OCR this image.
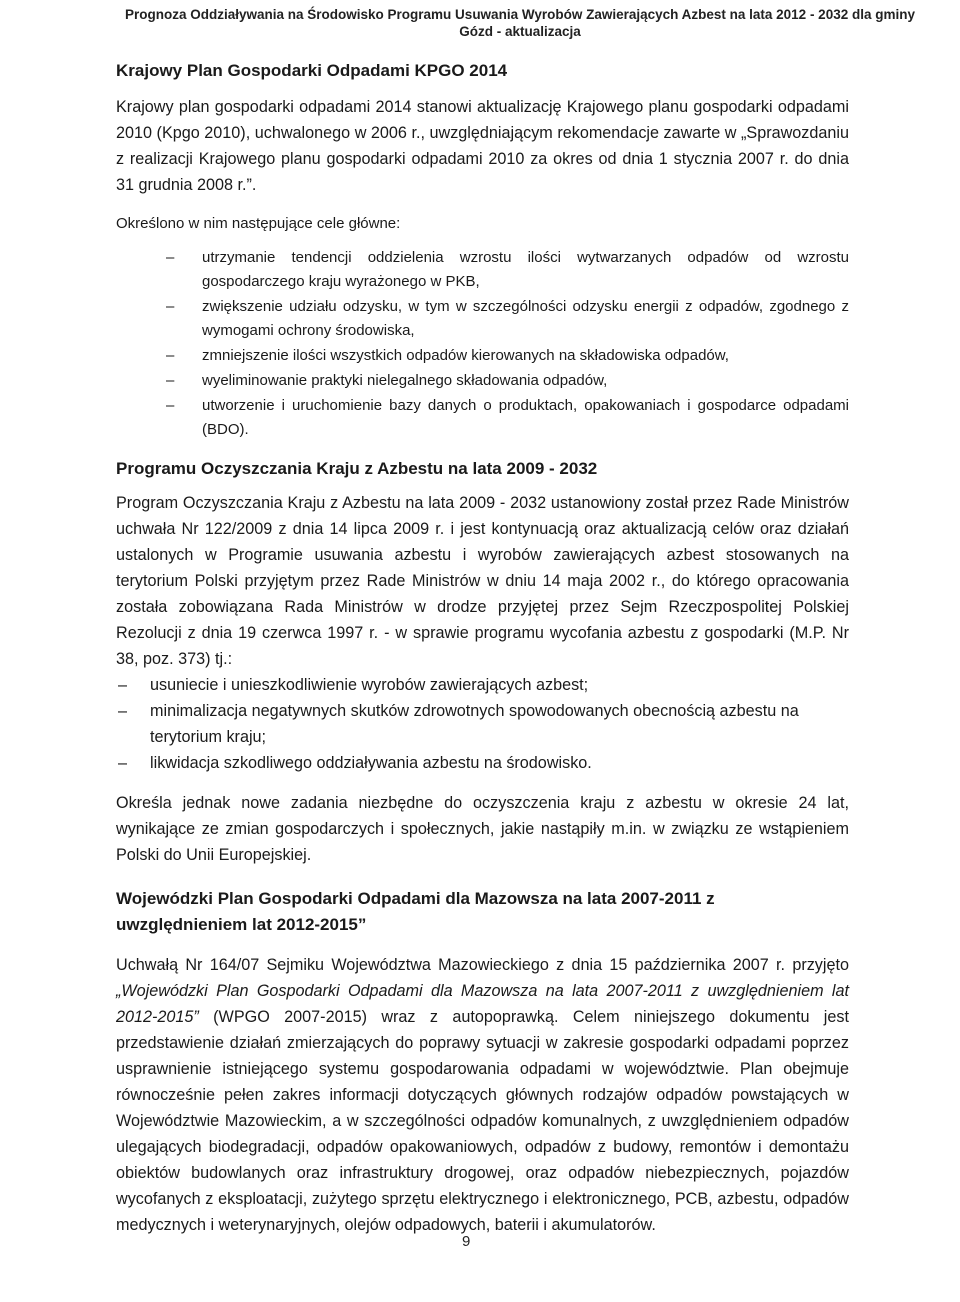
Prognoza Oddziaływania na Środowisko Programu Usuwania Wyrobów Zawierających Azbest na lata 2012 - 2032 dla gminy
Gózd - aktualizacja
Krajowy Plan Gospodarki Odpadami KPGO 2014

Krajowy plan gospodarki odpadami 2014 stanowi aktualizację Krajowego planu gospodarki odpadami 2010 (Kpgo 2010), uchwalonego w 2006 r., uwzględniającym rekomendacje zawarte w „Sprawozdaniu z realizacji Krajowego planu gospodarki odpadami 2010 za okres od dnia 1 stycznia 2007 r. do dnia 31 grudnia 2008 r.”.

Określono w nim następujące cele główne:

– utrzymanie tendencji oddzielenia wzrostu ilości wytwarzanych odpadów od wzrostu gospodarczego kraju wyrażonego w PKB,
– zwiększenie udziału odzysku, w tym w szczególności odzysku energii z odpadów, zgodnego z wymogami ochrony środowiska,
– zmniejszenie ilości wszystkich odpadów kierowanych na składowiska odpadów,
– wyeliminowanie praktyki nielegalnego składowania odpadów,
– utworzenie i uruchomienie bazy danych o produktach, opakowaniach i gospodarce odpadami (BDO).
Programu Oczyszczania Kraju z Azbestu na lata 2009 - 2032

Program Oczyszczania Kraju z Azbestu na lata 2009 - 2032 ustanowiony został przez Rade Ministrów uchwała Nr 122/2009 z dnia 14 lipca 2009 r. i jest kontynuacją oraz aktualizacją celów oraz działań ustalonych w Programie usuwania azbestu i wyrobów zawierających azbest stosowanych na terytorium Polski przyjętym przez Rade Ministrów w dniu 14 maja 2002 r., do którego opracowania została zobowiązana Rada Ministrów w drodze przyjętej przez Sejm Rzeczpospolitej Polskiej Rezolucji z dnia 19 czerwca 1997 r. - w sprawie programu wycofania azbestu z gospodarki (M.P. Nr 38, poz. 373) tj.:

– usuniecie i unieszkodliwienie wyrobów zawierających azbest;
– minimalizacja negatywnych skutków zdrowotnych spowodowanych obecnością azbestu na terytorium kraju;
– likwidacja szkodliwego oddziaływania azbestu na środowisko.

Określa jednak nowe zadania niezbędne do oczyszczenia kraju z azbestu w okresie 24 lat, wynikające ze zmian gospodarczych i społecznych, jakie nastąpiły m.in. w związku ze wstąpieniem Polski do Unii Europejskiej.

Wojewódzki Plan Gospodarki Odpadami dla Mazowsza na lata 2007-2011 z uwzględnieniem lat 2012-2015”

Uchwałą Nr 164/07 Sejmiku Województwa Mazowieckiego z dnia 15 października 2007 r. przyjęto „Wojewódzki Plan Gospodarki Odpadami dla Mazowsza na lata 2007-2011 z uwzględnieniem lat 2012-2015” (WPGO 2007-2015) wraz z autopoprawką. Celem niniejszego dokumentu jest przedstawienie działań zmierzających do poprawy sytuacji w zakresie gospodarki odpadami poprzez usprawnienie istniejącego systemu gospodarowania odpadami w województwie. Plan obejmuje równocześnie pełen zakres informacji dotyczących głównych rodzajów odpadów powstających w Województwie Mazowieckim, a w szczególności odpadów komunalnych, z uwzględnieniem odpadów ulegających biodegradacji, odpadów opakowaniowych, odpadów z budowy, remontów i demontażu obiektów budowlanych oraz infrastruktury drogowej, oraz odpadów niebezpiecznych, pojazdów wycofanych z eksploatacji, zużytego sprzętu elektrycznego i elektronicznego, PCB, azbestu, odpadów medycznych i weterynaryjnych, olejów odpadowych, baterii i akumulatorów.

9
